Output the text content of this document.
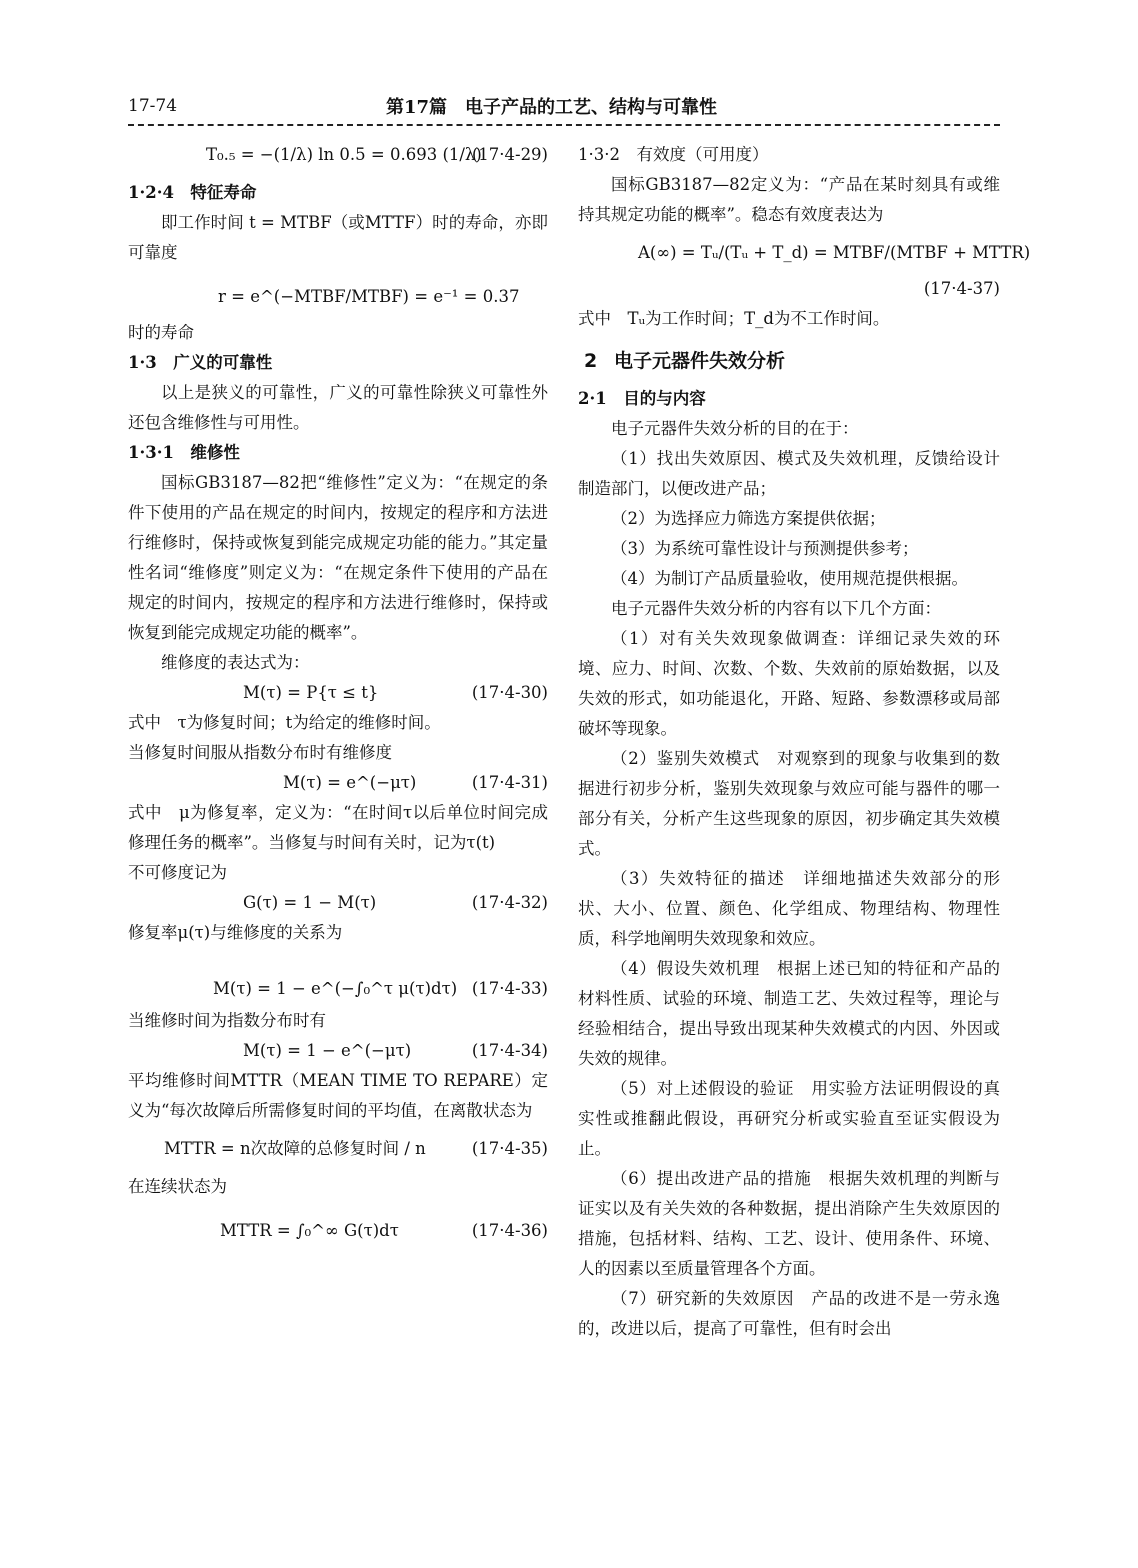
17-74	第17篇　电子产品的工艺、结构与可靠性
T₀.₅ = −(1/λ) ln 0.5 = 0.693 (1/λ)
(17·4-29)

1·2·4　特征寿命

即工作时间 t = MTBF（或MTTF）时的寿命，亦即可靠度

r = e^(−MTBF/MTBF) = e⁻¹ = 0.37

时的寿命

1·3　广义的可靠性

以上是狭义的可靠性，广义的可靠性除狭义可靠性外还包含维修性与可用性。

1·3·1　维修性

国标GB3187—82把“维修性”定义为：“在规定的条件下使用的产品在规定的时间内，按规定的程序和方法进行维修时，保持或恢复到能完成规定功能的能力。”其定量性名词“维修度”则定义为：“在规定条件下使用的产品在规定的时间内，按规定的程序和方法进行维修时，保持或恢复到能完成规定功能的概率”。

维修度的表达式为：

M(τ) = P{τ ≤ t}	(17·4-30)

式中　τ为修复时间；t为给定的维修时间。

当修复时间服从指数分布时有维修度

M(τ) = e^(−μτ)	(17·4-31)

式中　μ为修复率，定义为：“在时间τ以后单位时间完成修理任务的概率”。当修复与时间有关时，记为τ(t)

不可修度记为

G(τ) = 1 − M(τ)	(17·4-32)

修复率μ(τ)与维修度的关系为

M(τ) = 1 − e^(−∫₀^τ μ(τ)dτ) (17·4-33)

当维修时间为指数分布时有

M(τ) = 1 − e^(−μτ)	(17·4-34)

平均维修时间MTTR（MEAN TIME TO REPARE）定义为“每次故障后所需修复时间的平均值，在离散状态为

MTTR = n次故障的总修复时间 / n	(17·4-35)

在连续状态为

MTTR = ∫₀^∞ G(τ)dτ	(17·4-36)

1·3·2　有效度（可用度）

国标GB3187—82定义为：“产品在某时刻具有或维持其规定功能的概率”。稳态有效度表达为

A(∞) = Tᵤ/(Tᵤ + T_d) = MTBF/(MTBF + MTTR)
(17·4-37)

式中　Tᵤ为工作时间；T_d为不工作时间。

2 电子元器件失效分析

2·1　目的与内容

电子元器件失效分析的目的在于：

（1）找出失效原因、模式及失效机理，反馈给设计制造部门，以便改进产品；

（2）为选择应力筛选方案提供依据；

（3）为系统可靠性设计与预测提供参考；

（4）为制订产品质量验收，使用规范提供根据。

电子元器件失效分析的内容有以下几个方面：

（1）对有关失效现象做调查：详细记录失效的环境、应力、时间、次数、个数、失效前的原始数据，以及失效的形式，如功能退化，开路、短路、参数漂移或局部破坏等现象。

（2）鉴别失效模式　对观察到的现象与收集到的数据进行初步分析，鉴别失效现象与效应可能与器件的哪一部分有关，分析产生这些现象的原因，初步确定其失效模式。

（3）失效特征的描述　详细地描述失效部分的形状、大小、位置、颜色、化学组成、物理结构、物理性质，科学地阐明失效现象和效应。

（4）假设失效机理　根据上述已知的特征和产品的材料性质、试验的环境、制造工艺、失效过程等，理论与经验相结合，提出导致出现某种失效模式的内因、外因或失效的规律。

（5）对上述假设的验证　用实验方法证明假设的真实性或推翻此假设，再研究分析或实验直至证实假设为止。

（6）提出改进产品的措施　根据失效机理的判断与证实以及有关失效的各种数据，提出消除产生失效原因的措施，包括材料、结构、工艺、设计、使用条件、环境、人的因素以至质量管理各个方面。

（7）研究新的失效原因　产品的改进不是一劳永逸的，改进以后，提高了可靠性，但有时会出
